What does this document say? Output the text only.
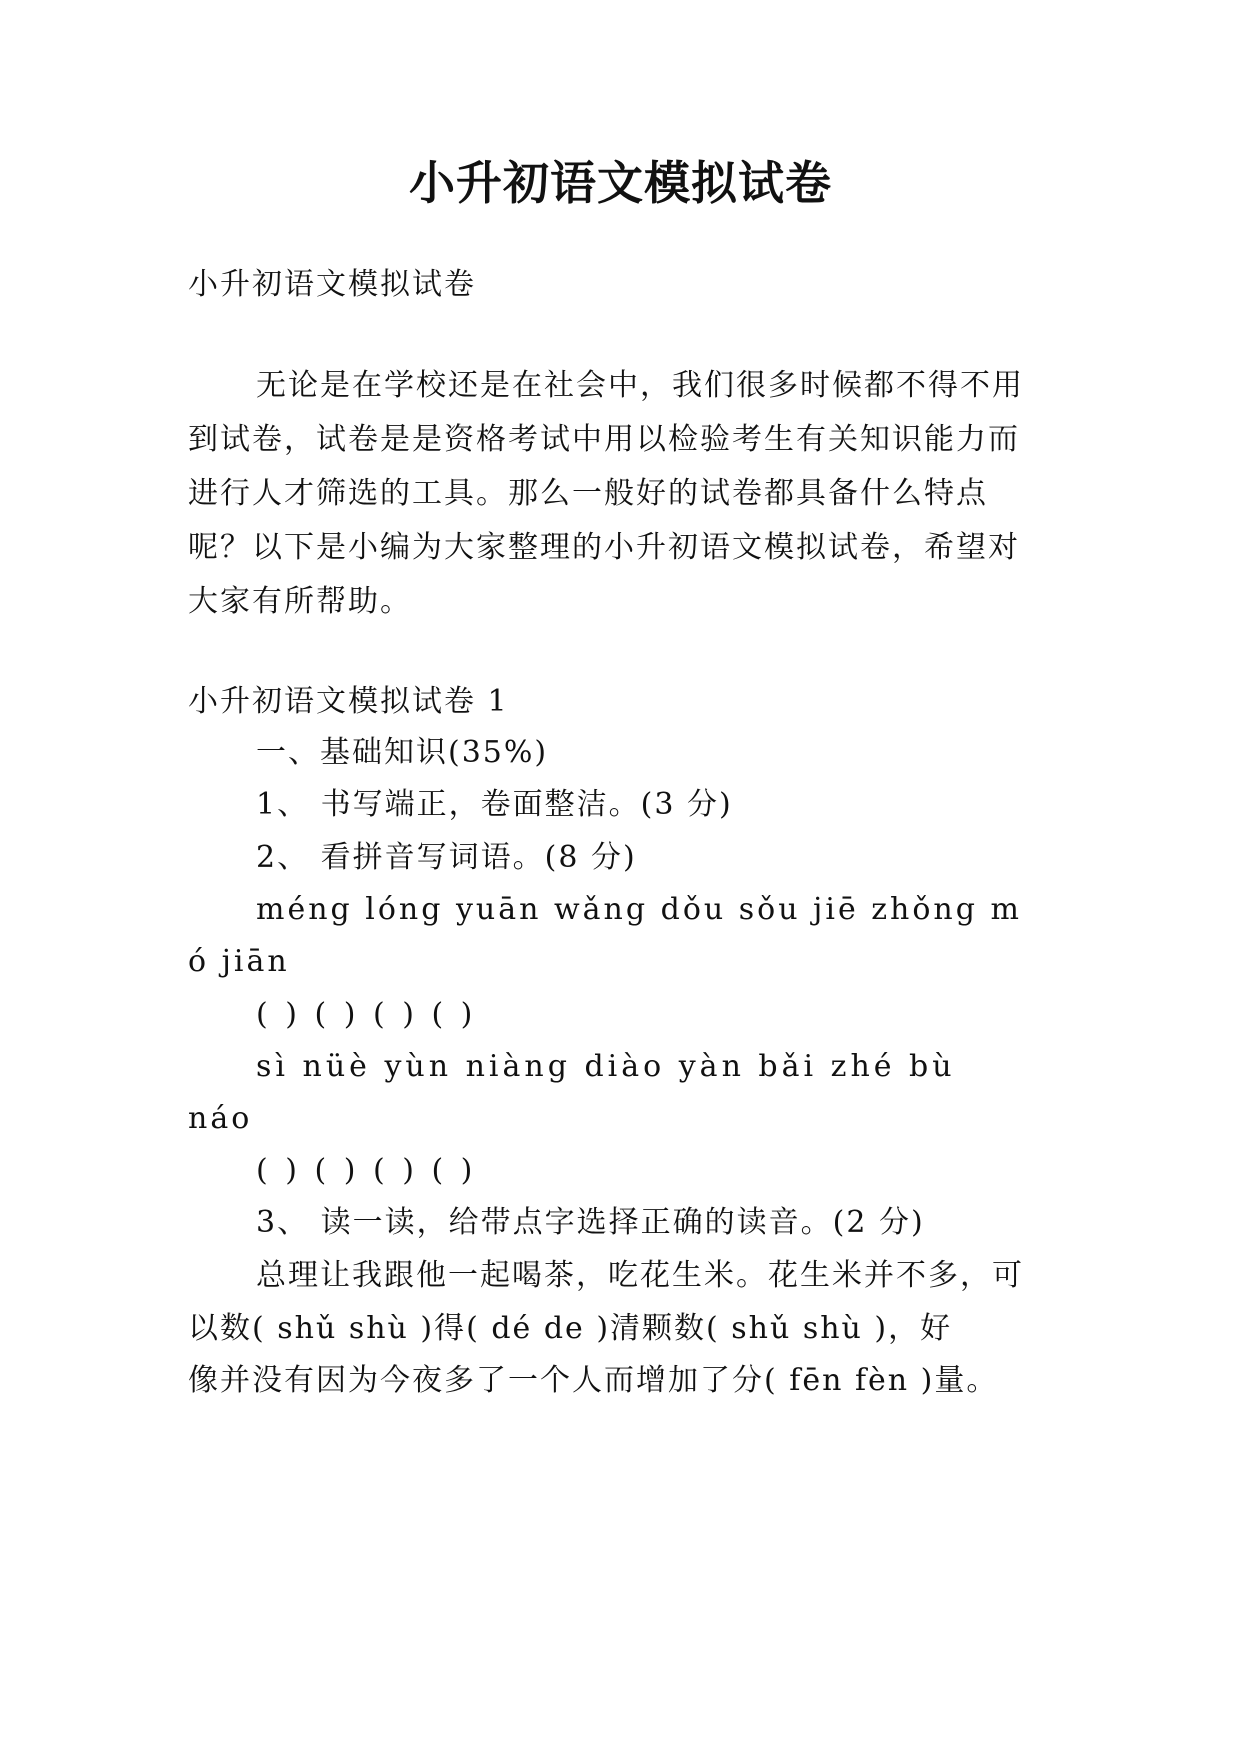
小升初语文模拟试卷
小升初语文模拟试卷
无论是在学校还是在社会中，我们很多时候都不得不用
到试卷，试卷是是资格考试中用以检验考生有关知识能力而
进行人才筛选的工具。那么一般好的试卷都具备什么特点
呢？以下是小编为大家整理的小升初语文模拟试卷，希望对
大家有所帮助。
小升初语文模拟试卷 1
一、基础知识(35%)
1、 书写端正，卷面整洁。(3 分)
2、 看拼音写词语。(8 分)
méng lóng yuān wǎng dǒu sǒu jiē zhǒng m
ó jiān
( ) ( ) ( ) ( )
sì nüè yùn niàng diào yàn bǎi zhé bù
náo
( ) ( ) ( ) ( )
3、 读一读，给带点字选择正确的读音。(2 分)
总理让我跟他一起喝茶，吃花生米。花生米并不多，可
以数( shǔ shù )得( dé de )清颗数( shǔ shù )，好
像并没有因为今夜多了一个人而增加了分( fēn fèn )量。
